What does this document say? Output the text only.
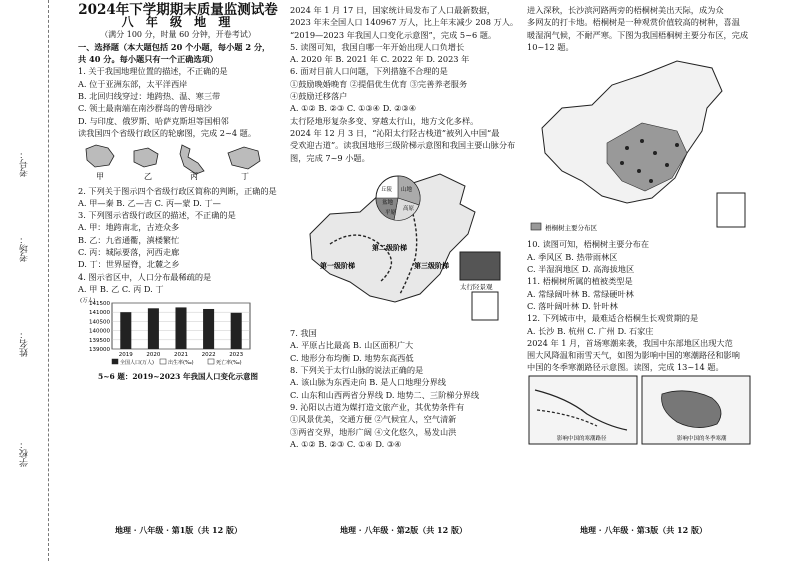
考号：
考场：
姓名：
学校：

2024年下学期期末质量监测试卷

八 年 级 地 理

（满分 100 分，时量 60 分钟，开卷考试）

一、选择题（本大题包括 20 个小题，每小题 2 分，共 40 分。每小题只有一个正确选项）

1. 关于我国地理位置的描述，不正确的是

A. 位于亚洲东部，太平洋西岸

B. 北回归线穿过：地跨热、温、寒三带

C. 领土最南端在南沙群岛的曾母暗沙

D. 与印度、俄罗斯、哈萨克斯坦等国相邻

读我国四个省级行政区的轮廓图，完成 2~4 题。

甲	乙	丙	丁

2. 下列关于图示四个省级行政区简称的判断，正确的是

A. 甲—秦 B. 乙—吉 C. 丙—蒙 D. 丁—

3. 下列图示省级行政区的描述，不正确的是

A. 甲：地跨南北，古迹众多

B. 乙：九省通衢，滇楼繁忙

C. 丙：城际要落，河西走廊

D. 丁：世界屋脊，北麓之乡

4. 图示省区中，人口分布最稀疏的是

A. 甲 B. 乙 C. 丙 D. 丁

(万人)
141500
141000
140500
140000
139500
139000
2019 2020 2021 2022 2023
全国人口(万人)	出生率(‰)	死亡率(‰)

5~6 题：2019~2023 年我国人口变化示意图

地理 · 八年级 · 第1版（共 12 版）

2024 年 1 月 17 日，国家统计局发布了人口最新数据，

2023 年末全国人口 140967 万人，比上年末减少 208 万人。

“2019—2023 年我国人口变化示意图”，完成 5~6 题。

5. 读图可知，我国自哪一年开始出现人口负增长

A. 2020 年 B. 2021 年 C. 2022 年 D. 2023 年

6. 面对目前人口问题，下列措施不合理的是

①鼓励晚婚晚育 ②提倡优生优育 ③完善养老服务

④鼓励迁移落户

A. ①② B. ②③ C. ①③④ D. ②③④

太行陉地形复杂多变、穿越太行山，地方文化多样。

2024 年 12 月 3 日，“沁阳太行陉古栈道”被列入中国“最

受欢迎古道”。读我国地形三级阶梯示意图和我国主要山脉分布

图，完成 7~9 小题。

山地
高原
丘陵
盆地
平原
第一级阶梯
第二级阶梯
第三级阶梯
太行陉景观

7. 我国

A. 平原占比最高 B. 山区面积广大

C. 地形分布均衡 D. 地势东高西低

8. 下列关于太行山脉的说法正确的是

A. 该山脉为东西走向 B. 是人口地理分界线

C. 山东和山西两省分界线 D. 地势二、三阶梯分界线

9. 沁阳以古道为媒打造文旅产业，其优势条件有

①风景优美，交通方便 ②气候宜人，空气清新

③两省交界，地形广阔 ④文化悠久，易发山洪

A. ①② B. ②③ C. ①④ D. ③④

地理 · 八年级 · 第2版（共 12 版）

进入深秋，长沙滨河路两旁的梧桐树美出天际，成为众

多网友的打卡地。梧桐树是一种观赏价值较高的树种，喜温

暖湿润气候，不耐严寒。下图为我国梧桐树主要分布区，完成

10~12 题。

梧桐树主要分布区

10. 读图可知，梧桐树主要分布在

A. 季风区 B. 热带雨林区

C. 半湿润地区 D. 高海拔地区

11. 梧桐树所属的植被类型是

A. 常绿阔叶林 B. 常绿硬叶林

C. 落叶阔叶林 D. 针叶林

12. 下列城市中，最难适合梧桐生长观赏期的是

A. 长沙 B. 杭州 C. 广州 D. 石家庄

2024 年 1 月，首场寒潮来袭，我国中东部地区出现大范

围大风降温和雨雪天气，如图为影响中国的寒潮路径和影响

中国的冬季寒潮路径示意图。读图，完成 13~14 题。

影响中国的寒潮路径	影响中国的冬季寒潮
地理 · 八年级 · 第3版（共 12 版）
